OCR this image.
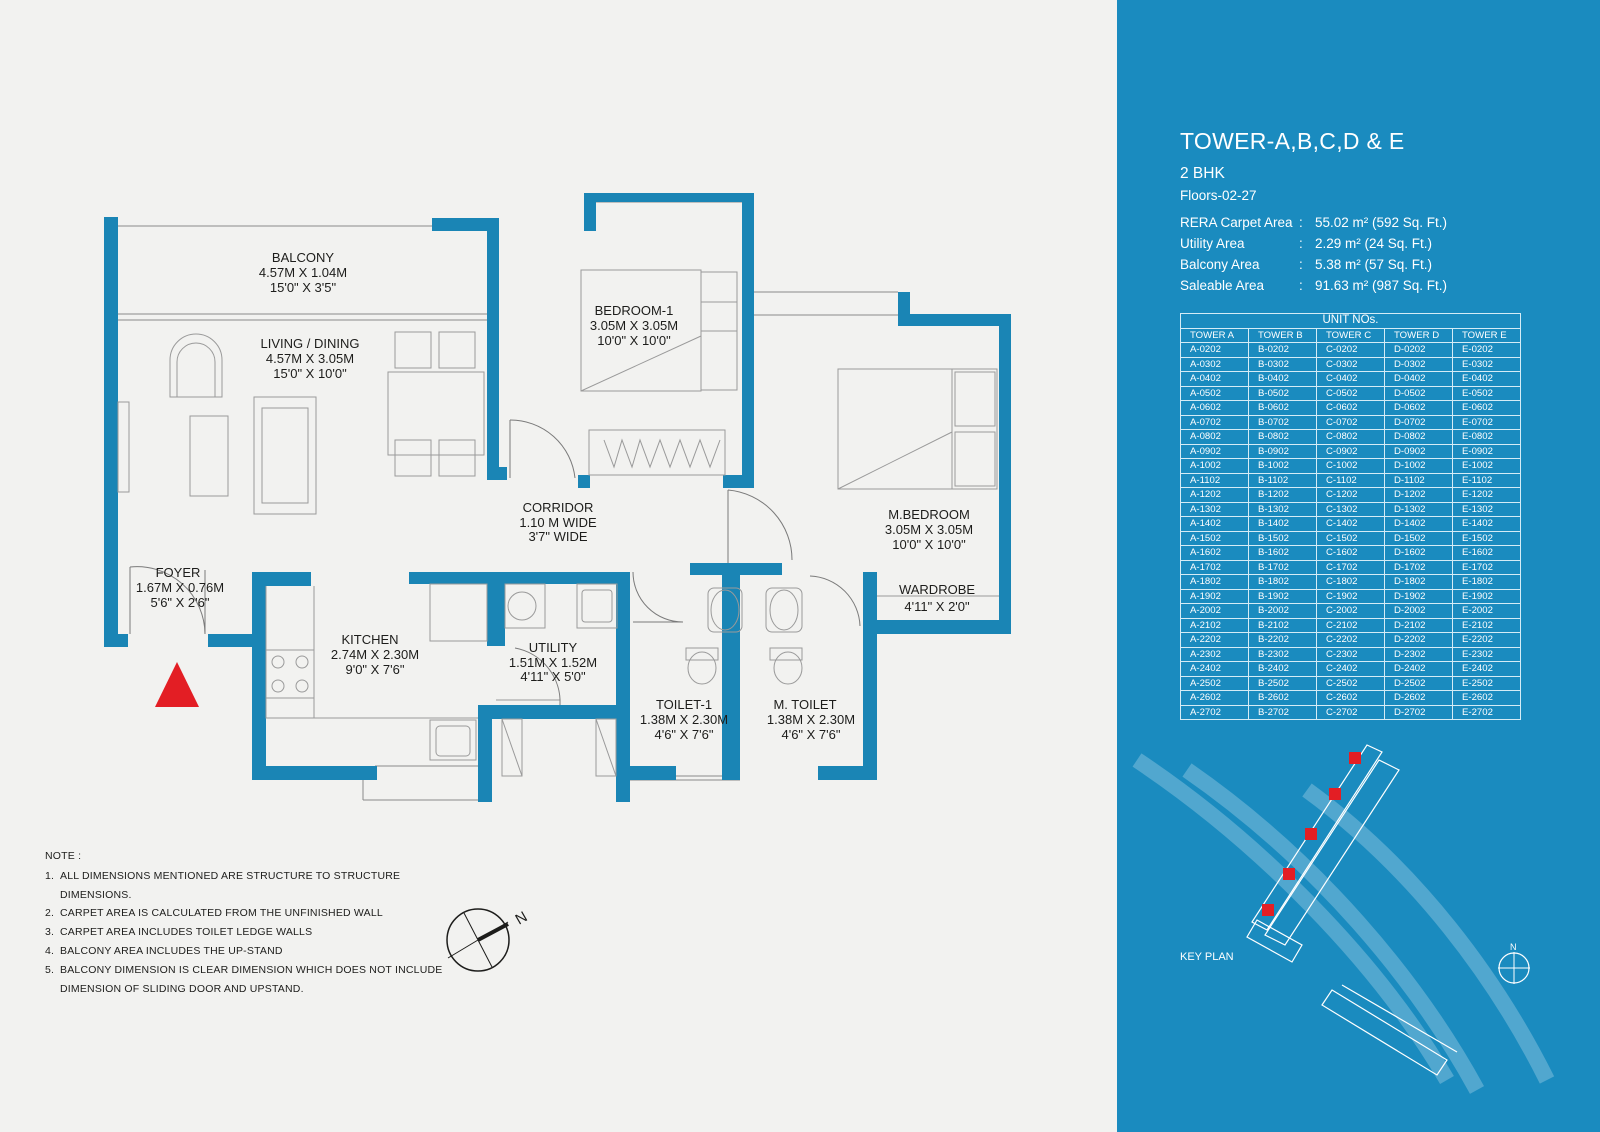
BALCONY
4.57M X 1.04M
15'0" X 3'5"
LIVING / DINING
4.57M X 3.05M
15'0" X 10'0"
BEDROOM-1
3.05M X 3.05M
10'0" X 10'0"
CORRIDOR
1.10 M WIDE
3'7" WIDE
M.BEDROOM
3.05M X 3.05M
10'0" X 10'0"
FOYER
1.67M X 0.76M
5'6" X 2'6"
KITCHEN
2.74M X 2.30M
9'0" X 7'6"
UTILITY
1.51M X 1.52M
4'11" X 5'0"
TOILET-1
1.38M X 2.30M
4'6" X 7'6"
M. TOILET
1.38M X 2.30M
4'6" X 7'6"
WARDROBE
4'11" X 2'0"
N
NOTE :
1. ALL DIMENSIONS MENTIONED ARE STRUCTURE TO STRUCTURE DIMENSIONS.
2. CARPET AREA IS CALCULATED FROM THE UNFINISHED WALL
3. CARPET AREA INCLUDES TOILET LEDGE WALLS
4. BALCONY AREA INCLUDES THE UP-STAND
5. BALCONY DIMENSION IS CLEAR DIMENSION WHICH DOES NOT INCLUDE DIMENSION OF SLIDING DOOR AND UPSTAND.
TOWER-A,B,C,D & E
2 BHK
Floors-02-27
RERA Carpet Area : 55.02 m² (592 Sq. Ft.)
Utility Area	: 2.29 m² (24 Sq. Ft.)
Balcony Area	: 5.38 m² (57 Sq. Ft.)
Saleable Area	: 91.63 m² (987 Sq. Ft.)
UNIT NOs.				
TOWER A	TOWER B	TOWER C	TOWER D	TOWER E
A-0202	B-0202	C-0202	D-0202	E-0202
A-0302	B-0302	C-0302	D-0302	E-0302
A-0402	B-0402	C-0402	D-0402	E-0402
A-0502	B-0502	C-0502	D-0502	E-0502
A-0602	B-0602	C-0602	D-0602	E-0602
A-0702	B-0702	C-0702	D-0702	E-0702
A-0802	B-0802	C-0802	D-0802	E-0802
A-0902	B-0902	C-0902	D-0902	E-0902
A-1002	B-1002	C-1002	D-1002	E-1002
A-1102	B-1102	C-1102	D-1102	E-1102
A-1202	B-1202	C-1202	D-1202	E-1202
A-1302	B-1302	C-1302	D-1302	E-1302
A-1402	B-1402	C-1402	D-1402	E-1402
A-1502	B-1502	C-1502	D-1502	E-1502
A-1602	B-1602	C-1602	D-1602	E-1602
A-1702	B-1702	C-1702	D-1702	E-1702
A-1802	B-1802	C-1802	D-1802	E-1802
A-1902	B-1902	C-1902	D-1902	E-1902
A-2002	B-2002	C-2002	D-2002	E-2002
A-2102	B-2102	C-2102	D-2102	E-2102
A-2202	B-2202	C-2202	D-2202	E-2202
A-2302	B-2302	C-2302	D-2302	E-2302
A-2402	B-2402	C-2402	D-2402	E-2402
A-2502	B-2502	C-2502	D-2502	E-2502
A-2602	B-2602	C-2602	D-2602	E-2602
A-2702	B-2702	C-2702	D-2702	E-2702
N
KEY PLAN
